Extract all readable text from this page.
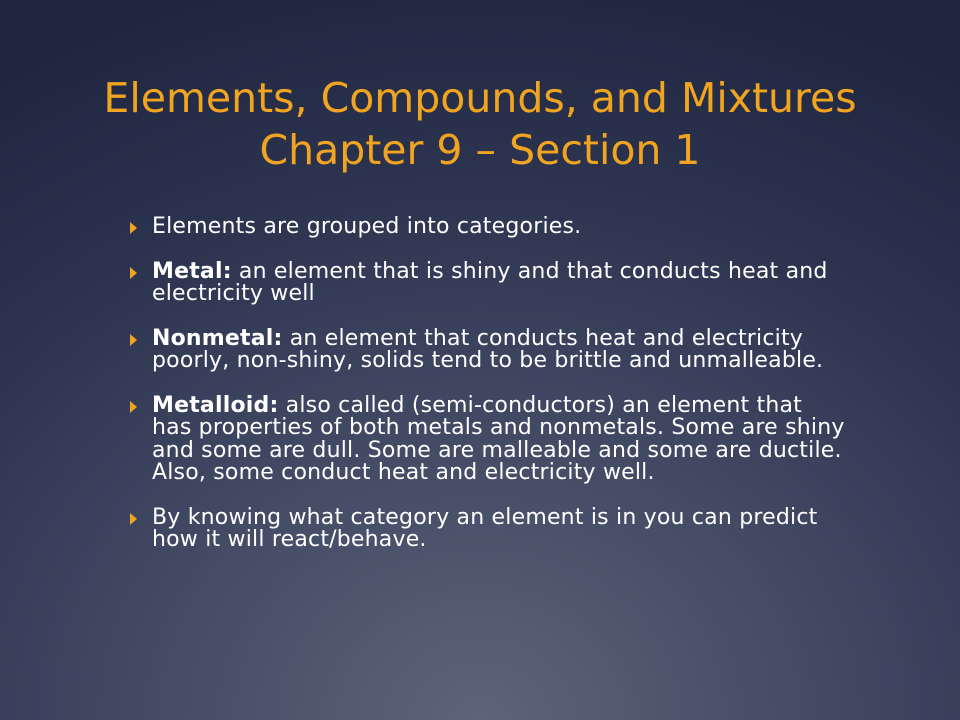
Elements, Compounds, and Mixtures
Chapter 9 – Section 1
Elements are grouped into categories.
Metal: an element that is shiny and that conducts heat and electricity well
Nonmetal: an element that conducts heat and electricity poorly, non-shiny, solids tend to be brittle and unmalleable.
Metalloid: also called (semi-conductors) an element that has properties of both metals and nonmetals. Some are shiny and some are dull. Some are malleable and some are ductile. Also, some conduct heat and electricity well.
By knowing what category an element is in you can predict how it will react/behave.
